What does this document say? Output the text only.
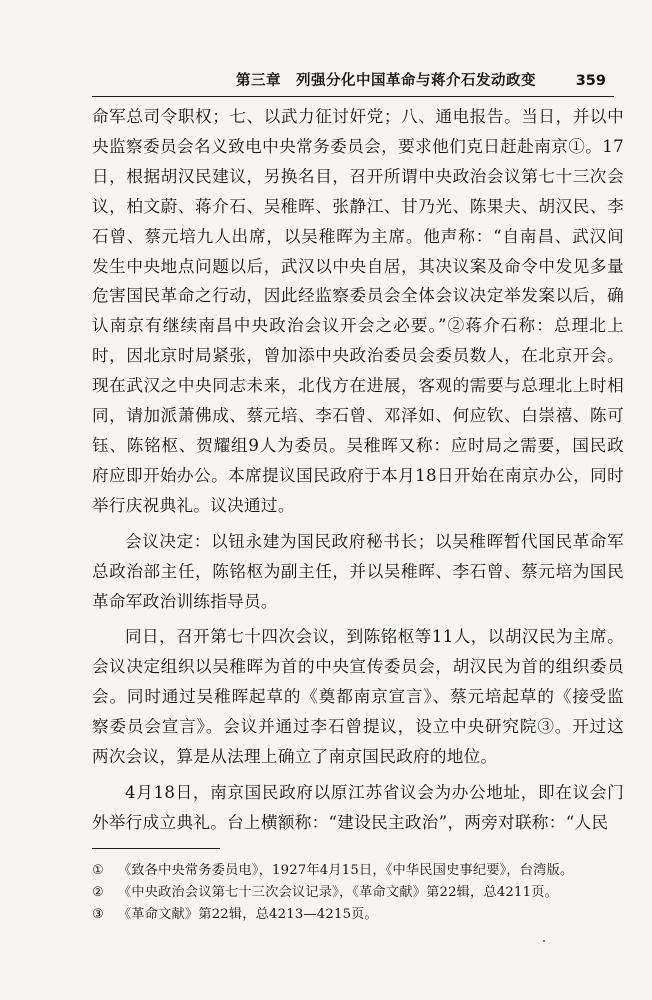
第三章　列强分化中国革命与蒋介石发动政变	359

命军总司令职权；七、以武力征讨奸党；八、通电报告。当日，并以中央监察委员会名义致电中央常务委员会，要求他们克日赶赴南京①。17日，根据胡汉民建议，另换名目，召开所谓中央政治会议第七十三次会议，柏文蔚、蒋介石、吴稚晖、张静江、甘乃光、陈果夫、胡汉民、李石曾、蔡元培九人出席，以吴稚晖为主席。他声称：“自南昌、武汉间发生中央地点问题以后，武汉以中央自居，其决议案及命令中发见多量危害国民革命之行动，因此经监察委员会全体会议决定举发案以后，确认南京有继续南昌中央政治会议开会之必要。”②蒋介石称：总理北上时，因北京时局紧张，曾加添中央政治委员会委员数人，在北京开会。现在武汉之中央同志未来，北伐方在进展，客观的需要与总理北上时相同，请加派萧佛成、蔡元培、李石曾、邓泽如、何应钦、白崇禧、陈可钰、陈铭枢、贺耀组9人为委员。吴稚晖又称：应时局之需要，国民政府应即开始办公。本席提议国民政府于本月18日开始在南京办公，同时举行庆祝典礼。议决通过。

会议决定：以钮永建为国民政府秘书长；以吴稚晖暂代国民革命军总政治部主任，陈铭枢为副主任，并以吴稚晖、李石曾、蔡元培为国民革命军政治训练指导员。

同日，召开第七十四次会议，到陈铭枢等11人，以胡汉民为主席。会议决定组织以吴稚晖为首的中央宣传委员会，胡汉民为首的组织委员会。同时通过吴稚晖起草的《奠都南京宣言》、蔡元培起草的《接受监察委员会宣言》。会议并通过李石曾提议，设立中央研究院③。开过这两次会议，算是从法理上确立了南京国民政府的地位。

4月18日，南京国民政府以原江苏省议会为办公地址，即在议会门外举行成立典礼。台上横额称：“建设民主政治”，两旁对联称：“人民

① 《致各中央常务委员电》，1927年4月15日，《中华民国史事纪要》，台湾版。
② 《中央政治会议第七十三次会议记录》，《革命文献》第22辑，总4211页。
③ 《革命文献》第22辑，总4213—4215页。
